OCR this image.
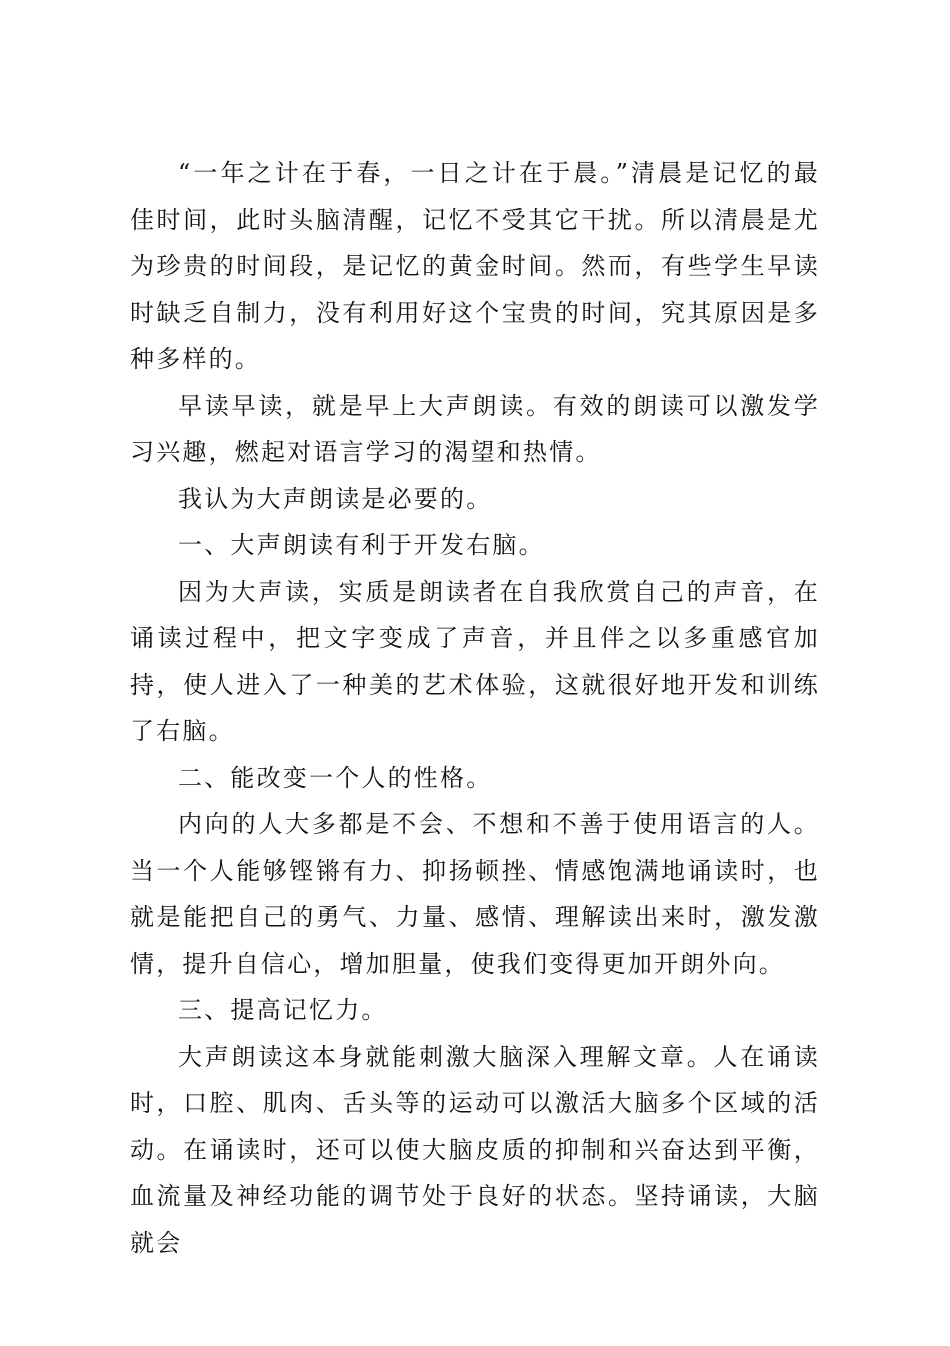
“一年之计在于春，一日之计在于晨。”清晨是记忆的最佳时间，此时头脑清醒，记忆不受其它干扰。所以清晨是尤为珍贵的时间段，是记忆的黄金时间。然而，有些学生早读时缺乏自制力，没有利用好这个宝贵的时间，究其原因是多种多样的。

早读早读，就是早上大声朗读。有效的朗读可以激发学习兴趣，燃起对语言学习的渴望和热情。

我认为大声朗读是必要的。

一、大声朗读有利于开发右脑。

因为大声读，实质是朗读者在自我欣赏自己的声音，在诵读过程中，把文字变成了声音，并且伴之以多重感官加持，使人进入了一种美的艺术体验，这就很好地开发和训练了右脑。

二、能改变一个人的性格。

内向的人大多都是不会、不想和不善于使用语言的人。当一个人能够铿锵有力、抑扬顿挫、情感饱满地诵读时，也就是能把自己的勇气、力量、感情、理解读出来时，激发激情，提升自信心，增加胆量，使我们变得更加开朗外向。

三、提高记忆力。

大声朗读这本身就能刺激大脑深入理解文章。人在诵读时，口腔、肌肉、舌头等的运动可以激活大脑多个区域的活动。在诵读时，还可以使大脑皮质的抑制和兴奋达到平衡，血流量及神经功能的调节处于良好的状态。坚持诵读，大脑就会
